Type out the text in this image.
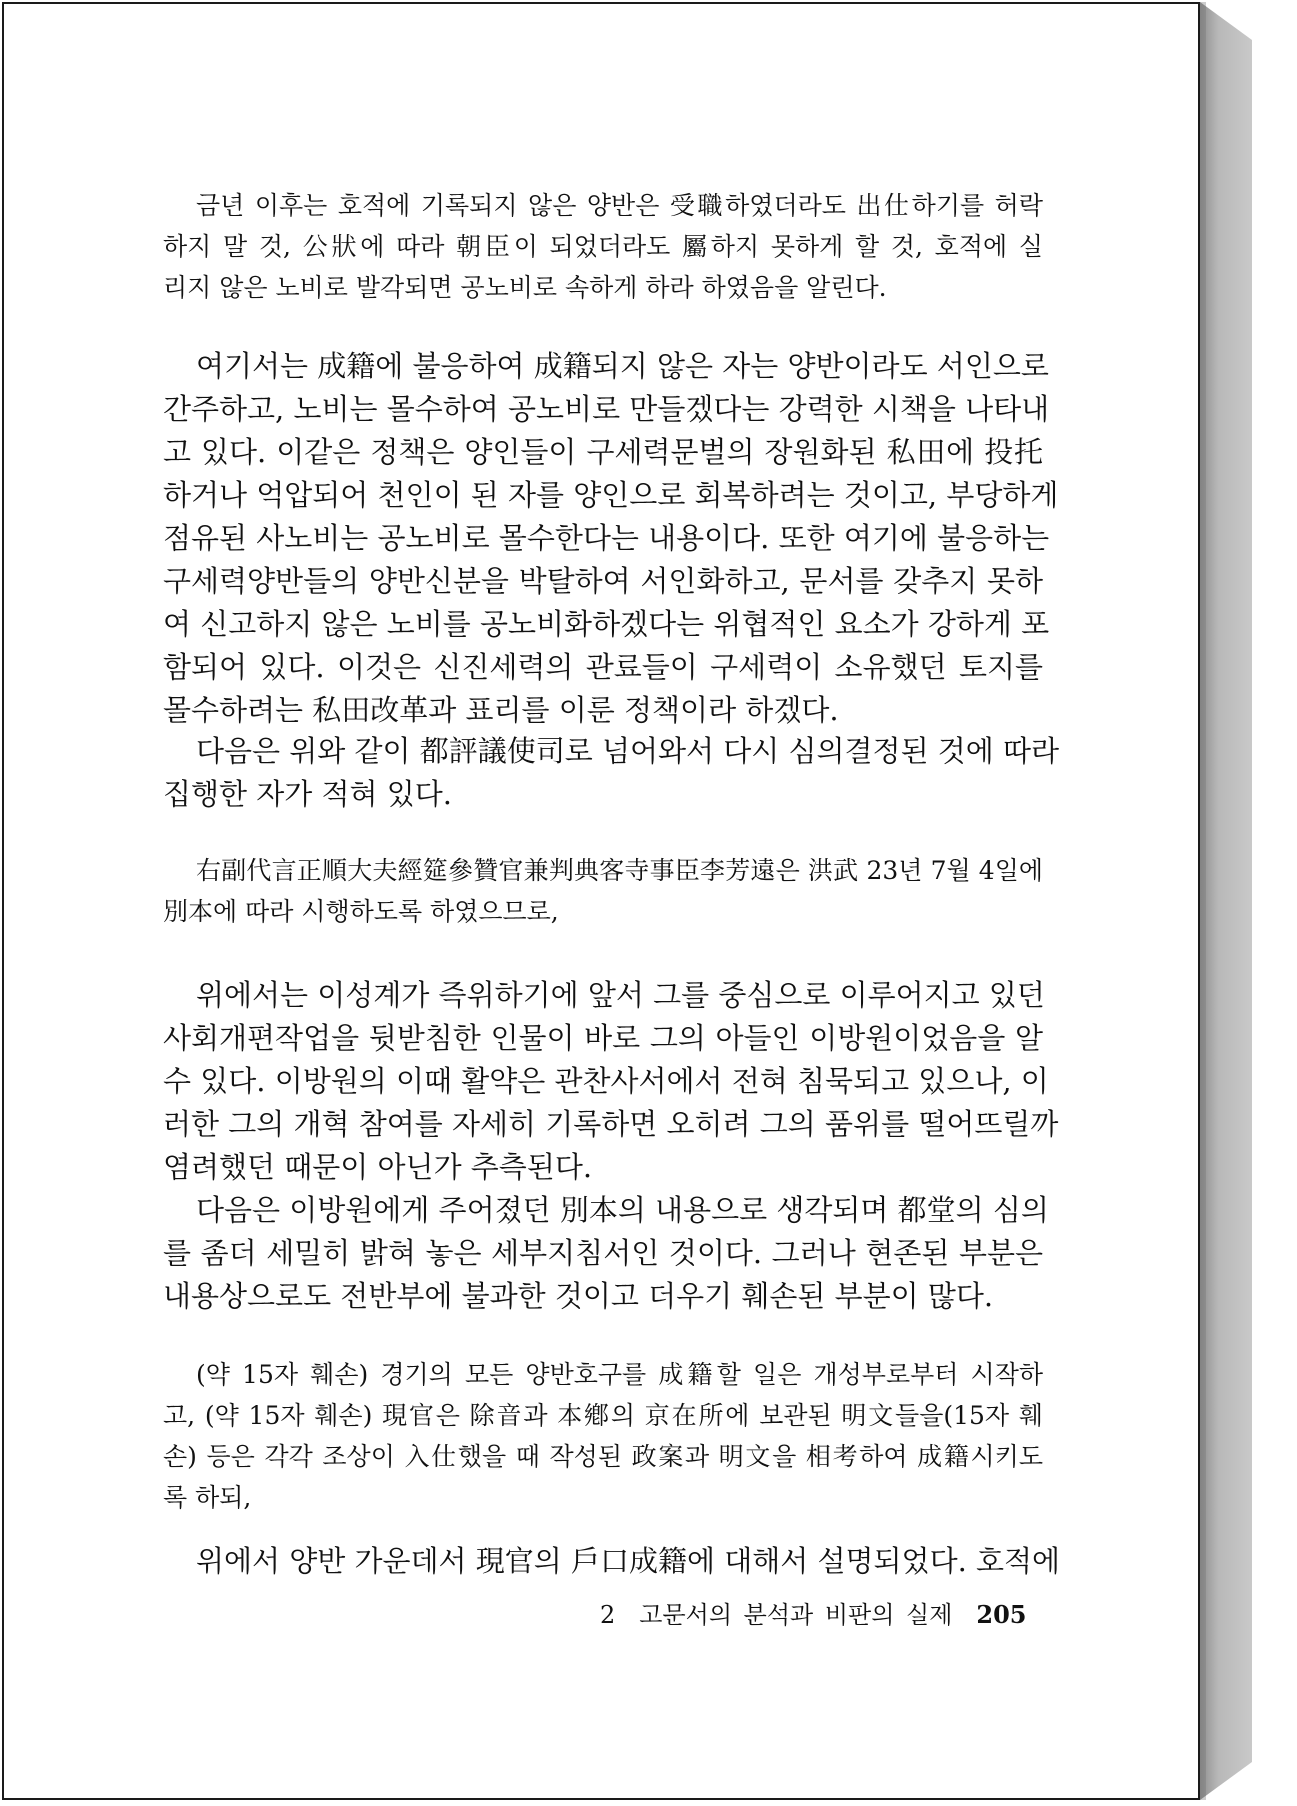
금년 이후는 호적에 기록되지 않은 양반은 受職하였더라도 出仕하기를 허락
하지 말 것, 公狀에 따라 朝臣이 되었더라도 屬하지 못하게 할 것, 호적에 실
리지 않은 노비로 발각되면 공노비로 속하게 하라 하였음을 알린다.
여기서는 成籍에 불응하여 成籍되지 않은 자는 양반이라도 서인으로
간주하고, 노비는 몰수하여 공노비로 만들겠다는 강력한 시책을 나타내
고 있다. 이같은 정책은 양인들이 구세력문벌의 장원화된 私田에 投托
하거나 억압되어 천인이 된 자를 양인으로 회복하려는 것이고, 부당하게
점유된 사노비는 공노비로 몰수한다는 내용이다. 또한 여기에 불응하는
구세력양반들의 양반신분을 박탈하여 서인화하고, 문서를 갖추지 못하
여 신고하지 않은 노비를 공노비화하겠다는 위협적인 요소가 강하게 포
함되어 있다. 이것은 신진세력의 관료들이 구세력이 소유했던 토지를
몰수하려는 私田改革과 표리를 이룬 정책이라 하겠다.
다음은 위와 같이 都評議使司로 넘어와서 다시 심의결정된 것에 따라
집행한 자가 적혀 있다.
右副代言正順大夫經筵參贊官兼判典客寺事臣李芳遠은 洪武 23년 7월 4일에
別本에 따라 시행하도록 하였으므로,
위에서는 이성계가 즉위하기에 앞서 그를 중심으로 이루어지고 있던
사회개편작업을 뒷받침한 인물이 바로 그의 아들인 이방원이었음을 알
수 있다. 이방원의 이때 활약은 관찬사서에서 전혀 침묵되고 있으나, 이
러한 그의 개혁 참여를 자세히 기록하면 오히려 그의 품위를 떨어뜨릴까
염려했던 때문이 아닌가 추측된다.
다음은 이방원에게 주어졌던 別本의 내용으로 생각되며 都堂의 심의
를 좀더 세밀히 밝혀 놓은 세부지침서인 것이다. 그러나 현존된 부분은
내용상으로도 전반부에 불과한 것이고 더우기 훼손된 부분이 많다.
(약 15자 훼손) 경기의 모든 양반호구를 成籍할 일은 개성부로부터 시작하
고, (약 15자 훼손) 現官은 除音과 本鄕의 京在所에 보관된 明文들을(15자 훼
손) 등은 각각 조상이 入仕했을 때 작성된 政案과 明文을 相考하여 成籍시키도
록 하되,
위에서 양반 가운데서 現官의 戶口成籍에 대해서 설명되었다. 호적에
2 고문서의 분석과 비판의 실제 205
